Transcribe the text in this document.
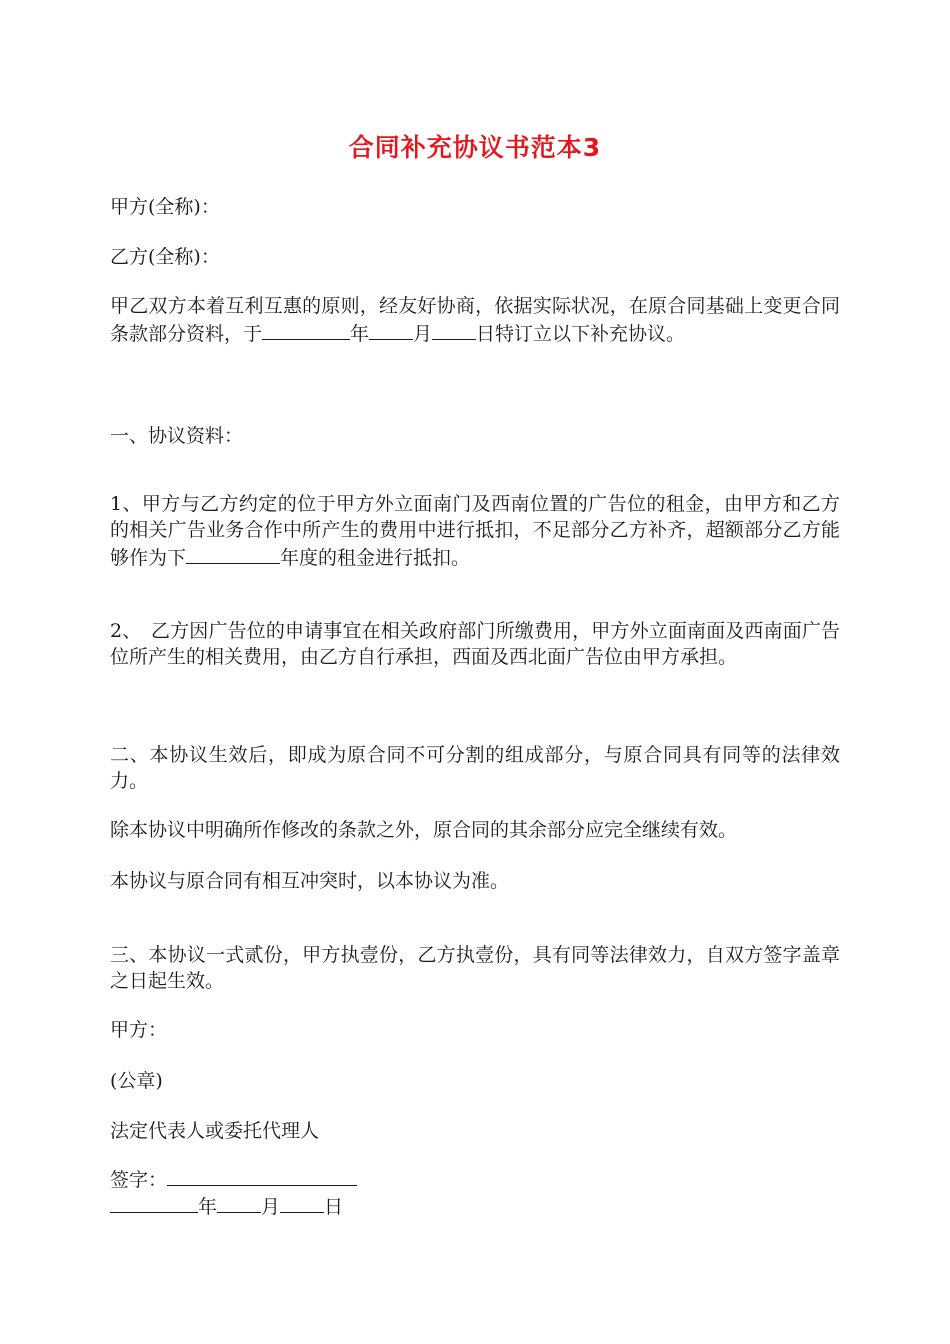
合同补充协议书范本3

甲方(全称)：

乙方(全称)：

甲乙双方本着互利互惠的原则，经友好协商，依据实际状况，在原合同基础上变更合同条款部分资料，于	年 月 日特订立以下补充协议。

一、协议资料：

1、甲方与乙方约定的位于甲方外立面南门及西南位置的广告位的租金，由甲方和乙方的相关广告业务合作中所产生的费用中进行抵扣，不足部分乙方补齐，超额部分乙方能够作为下	年度的租金进行抵扣。

2、　乙方因广告位的申请事宜在相关政府部门所缴费用，甲方外立面南面及西南面广告位所产生的相关费用，由乙方自行承担，西面及西北面广告位由甲方承担。

二、本协议生效后，即成为原合同不可分割的组成部分，与原合同具有同等的法律效力。

除本协议中明确所作修改的条款之外，原合同的其余部分应完全继续有效。

本协议与原合同有相互冲突时，以本协议为准。

三、本协议一式贰份，甲方执壹份，乙方执壹份，具有同等法律效力，自双方签字盖章之日起生效。

甲方：

(公章)

法定代表人或委托代理人

签字：

年 月 日
